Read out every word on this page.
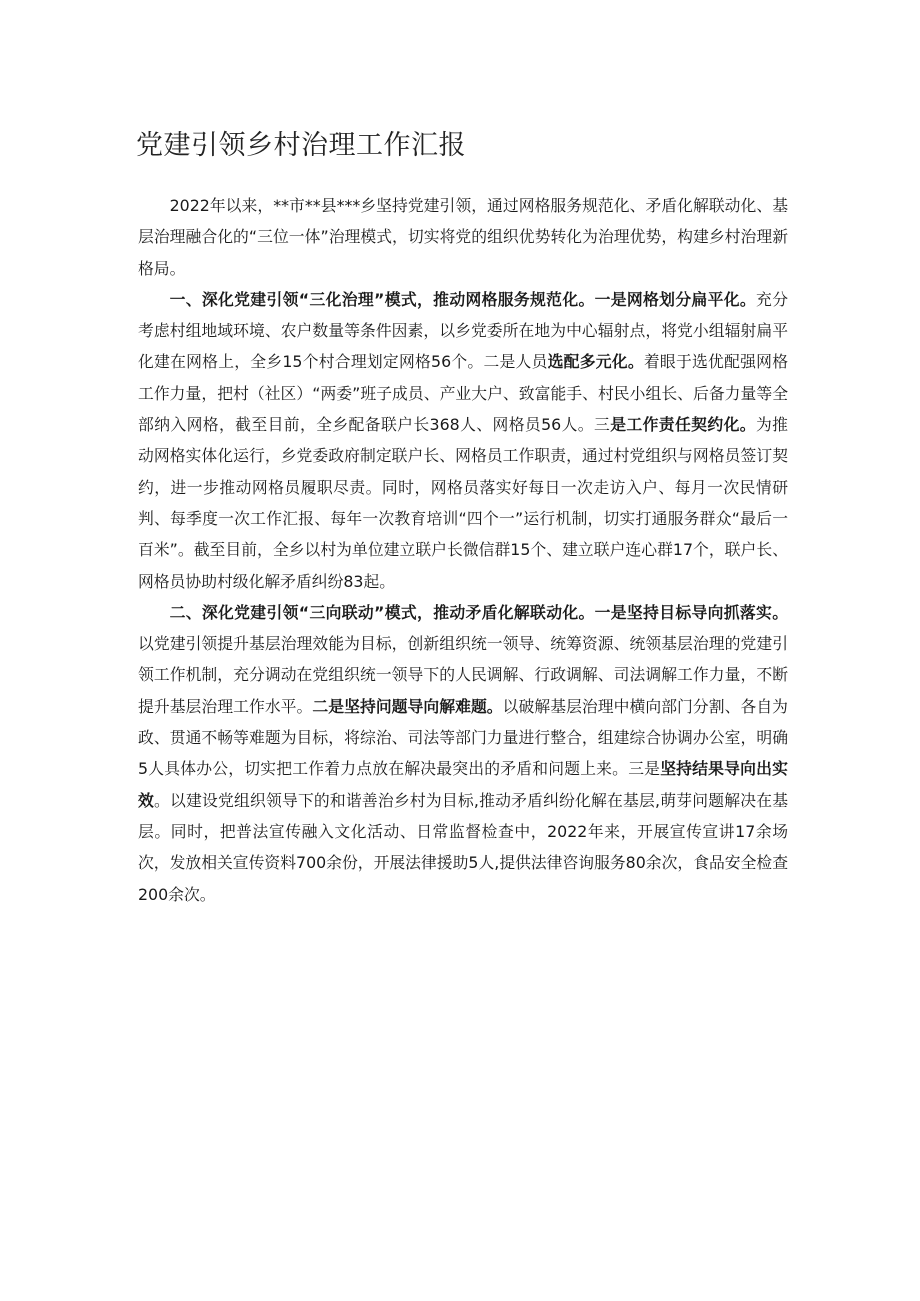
党建引领乡村治理工作汇报

2022年以来，**市**县***乡坚持党建引领，通过网格服务规范化、矛盾化解联动化、基层治理融合化的“三位一体”治理模式，切实将党的组织优势转化为治理优势，构建乡村治理新格局。

一、深化党建引领“三化治理”模式，推动网格服务规范化。一是网格划分扁平化。充分考虑村组地域环境、农户数量等条件因素，以乡党委所在地为中心辐射点，将党小组辐射扁平化建在网格上，全乡15个村合理划定网格56个。二是人员选配多元化。着眼于选优配强网格工作力量，把村（社区）“两委”班子成员、产业大户、致富能手、村民小组长、后备力量等全部纳入网格，截至目前，全乡配备联户长368人、网格员56人。三是工作责任契约化。为推动网格实体化运行，乡党委政府制定联户长、网格员工作职责，通过村党组织与网格员签订契约，进一步推动网格员履职尽责。同时，网格员落实好每日一次走访入户、每月一次民情研判、每季度一次工作汇报、每年一次教育培训“四个一”运行机制，切实打通服务群众“最后一百米”。截至目前，全乡以村为单位建立联户长微信群15个、建立联户连心群17个，联户长、网格员协助村级化解矛盾纠纷83起。

二、深化党建引领“三向联动”模式，推动矛盾化解联动化。一是坚持目标导向抓落实。以党建引领提升基层治理效能为目标，创新组织统一领导、统筹资源、统领基层治理的党建引领工作机制，充分调动在党组织统一领导下的人民调解、行政调解、司法调解工作力量，不断提升基层治理工作水平。二是坚持问题导向解难题。以破解基层治理中横向部门分割、各自为政、贯通不畅等难题为目标，将综治、司法等部门力量进行整合，组建综合协调办公室，明确5人具体办公，切实把工作着力点放在解决最突出的矛盾和问题上来。三是坚持结果导向出实效。以建设党组织领导下的和谐善治乡村为目标,推动矛盾纠纷化解在基层,萌芽问题解决在基层。同时，把普法宣传融入文化活动、日常监督检查中，2022年来，开展宣传宣讲17余场次，发放相关宣传资料700余份，开展法律援助5人,提供法律咨询服务80余次，食品安全检查200余次。
